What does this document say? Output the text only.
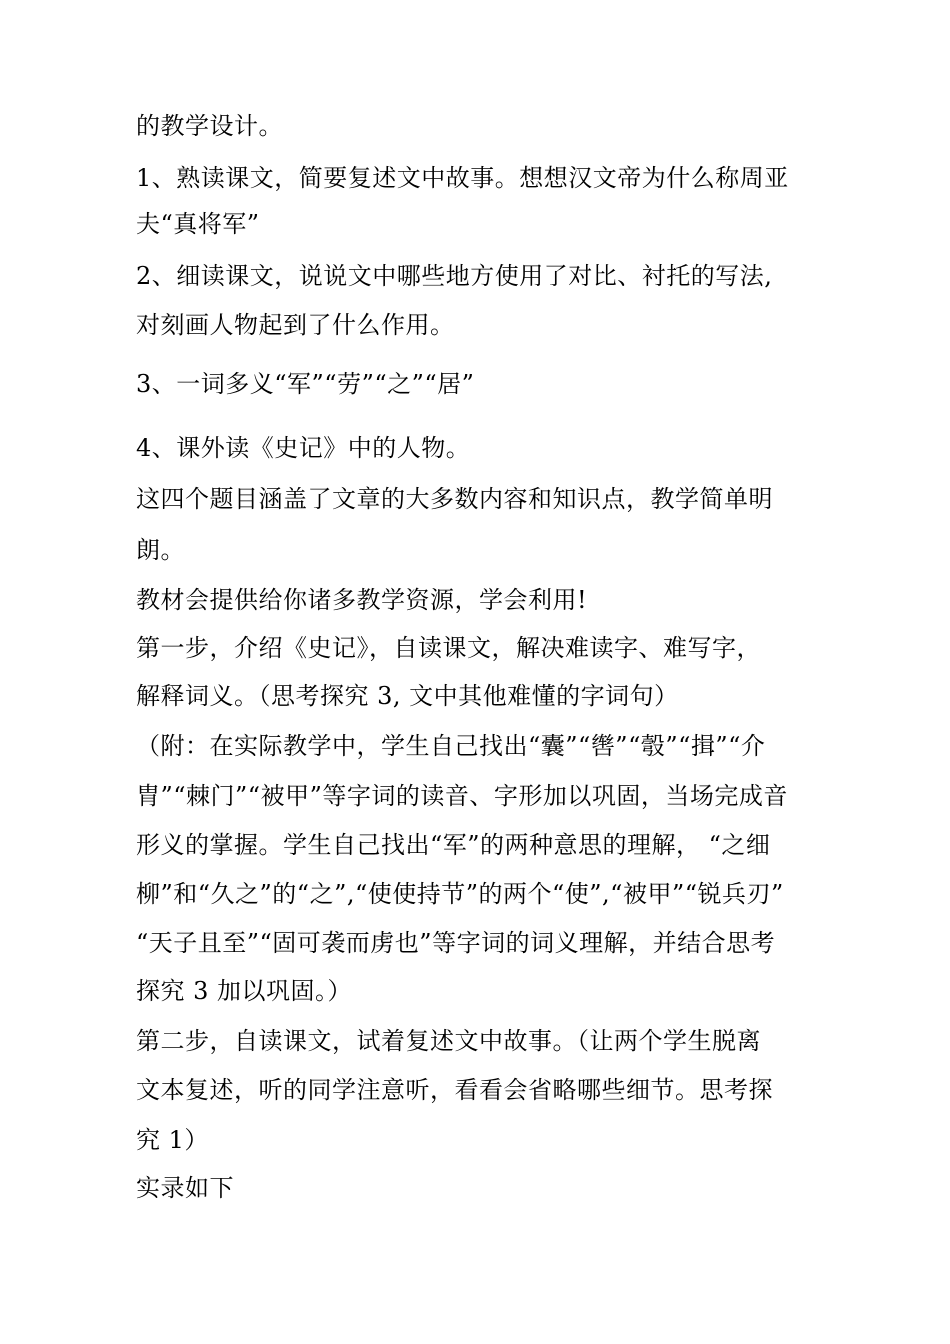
的教学设计。

1、熟读课文，简要复述文中故事。想想汉文帝为什么称周亚

夫“真将军”

2、细读课文，说说文中哪些地方使用了对比、衬托的写法,

对刻画人物起到了什么作用。

3、一词多义“军”“劳”“之”“居”

4、课外读《史记》中的人物。

这四个题目涵盖了文章的大多数内容和知识点，教学简单明

朗。

教材会提供给你诸多教学资源，学会利用!

第一步，介绍《史记》，自读课文，解决难读字、难写字，

解释词义。（思考探究 3, 文中其他难懂的字词句）

（附：在实际教学中，学生自己找出“囊”“辔”“彀”“揖”“介

胄”“棘门”“被甲”等字词的读音、字形加以巩固，当场完成音

形义的掌握。学生自己找出“军”的两种意思的理解， “之细

柳”和“久之”的“之”,“使使持节”的两个“使”,“被甲”“锐兵刃”

“天子且至”“固可袭而虏也”等字词的词义理解，并结合思考

探究 3 加以巩固。）

第二步，自读课文，试着复述文中故事。（让两个学生脱离

文本复述，听的同学注意听，看看会省略哪些细节。思考探

究 1）

实录如下
